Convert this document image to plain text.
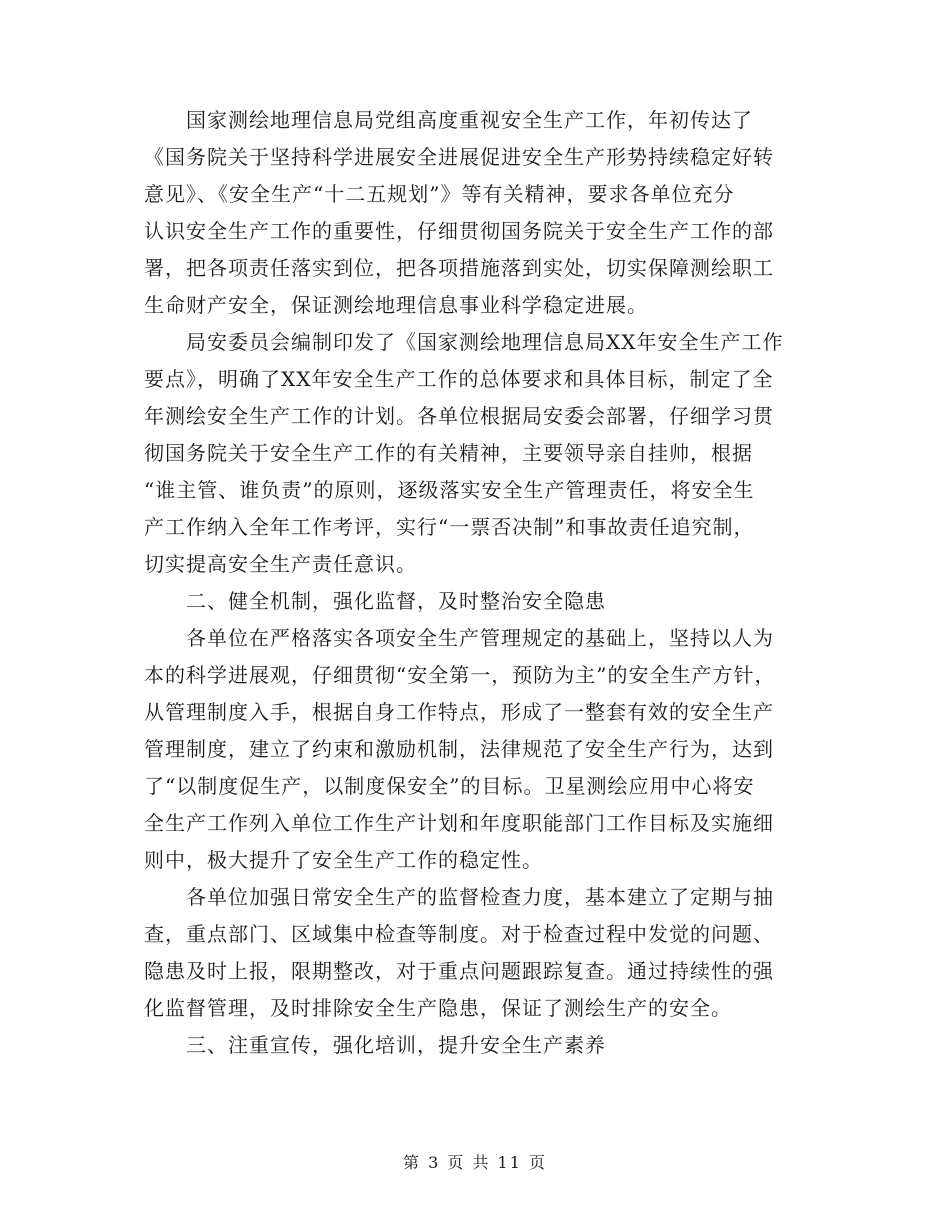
国家测绘地理信息局党组高度重视安全生产工作，年初传达了
《国务院关于坚持科学进展安全进展促进安全生产形势持续稳定好转
意见》、《安全生产“十二五规划”》等有关精神，要求各单位充分
认识安全生产工作的重要性，仔细贯彻国务院关于安全生产工作的部
署，把各项责任落实到位，把各项措施落到实处，切实保障测绘职工
生命财产安全，保证测绘地理信息事业科学稳定进展。
局安委员会编制印发了《国家测绘地理信息局XX年安全生产工作
要点》，明确了XX年安全生产工作的总体要求和具体目标，制定了全
年测绘安全生产工作的计划。各单位根据局安委会部署，仔细学习贯
彻国务院关于安全生产工作的有关精神，主要领导亲自挂帅，根据
“谁主管、谁负责”的原则，逐级落实安全生产管理责任，将安全生
产工作纳入全年工作考评，实行“一票否决制”和事故责任追究制，
切实提高安全生产责任意识。
二、健全机制，强化监督，及时整治安全隐患
各单位在严格落实各项安全生产管理规定的基础上，坚持以人为
本的科学进展观，仔细贯彻“安全第一，预防为主”的安全生产方针，
从管理制度入手，根据自身工作特点，形成了一整套有效的安全生产
管理制度，建立了约束和激励机制，法律规范了安全生产行为，达到
了“以制度促生产，以制度保安全”的目标。卫星测绘应用中心将安
全生产工作列入单位工作生产计划和年度职能部门工作目标及实施细
则中，极大提升了安全生产工作的稳定性。
各单位加强日常安全生产的监督检查力度，基本建立了定期与抽
查，重点部门、区域集中检查等制度。对于检查过程中发觉的问题、
隐患及时上报，限期整改，对于重点问题跟踪复查。通过持续性的强
化监督管理，及时排除安全生产隐患，保证了测绘生产的安全。
三、注重宣传，强化培训，提升安全生产素养
第 3 页 共 11 页
